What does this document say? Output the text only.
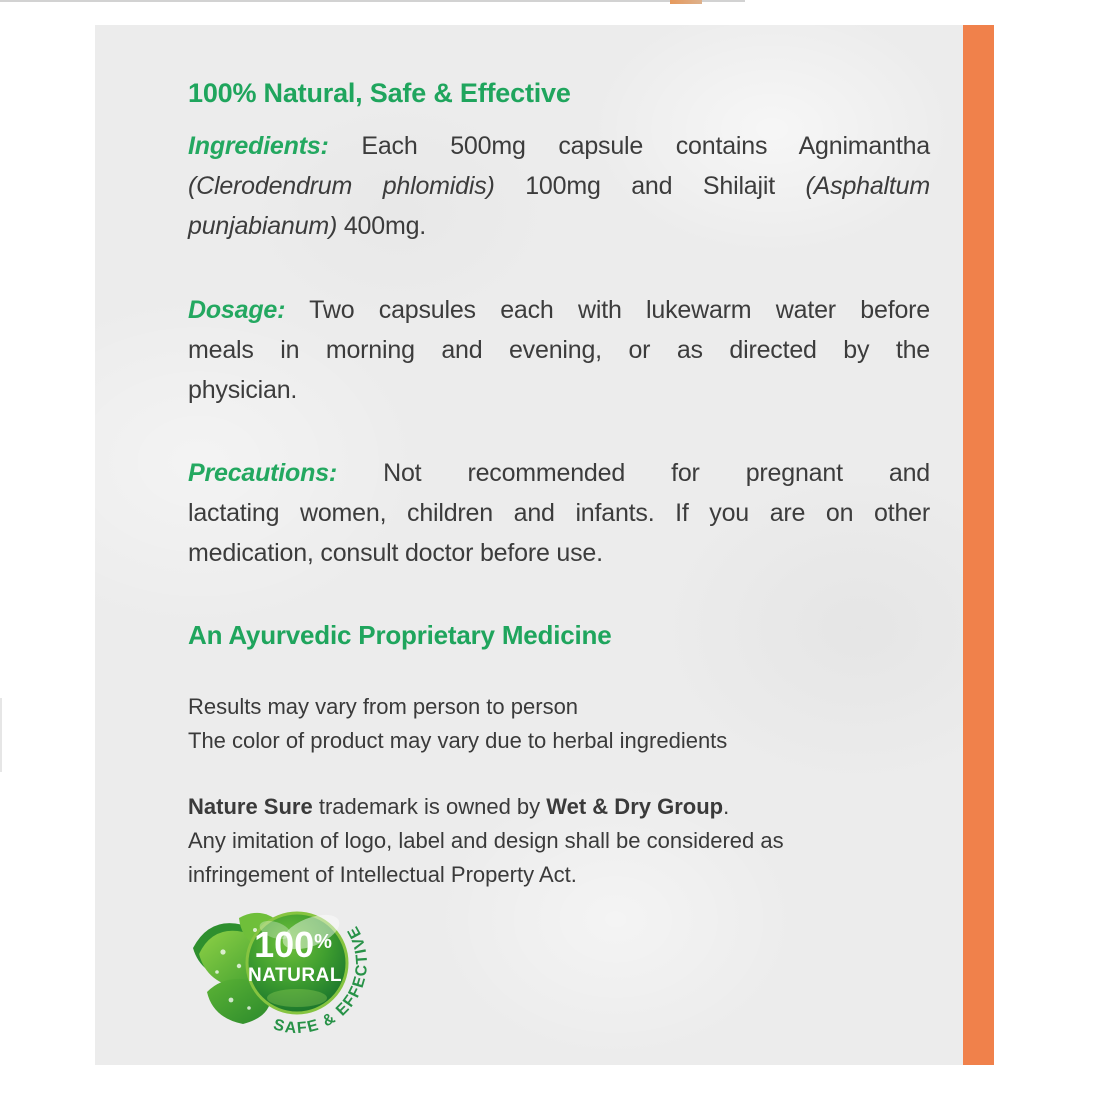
100% Natural, Safe & Effective
Ingredients: Each 500mg capsule contains Agnimantha
(Clerodendrum phlomidis) 100mg and Shilajit (Asphaltum
punjabianum) 400mg.
Dosage: Two capsules each with lukewarm water before
meals in morning and evening, or as directed by the
physician.
Precautions: Not recommended for pregnant and
lactating women, children and infants. If you are on other
medication, consult doctor before use.
An Ayurvedic Proprietary Medicine
Results may vary from person to person
The color of product may vary due to herbal ingredients
Nature Sure trademark is owned by Wet & Dry Group.
Any imitation of logo, label and design shall be considered as
infringement of Intellectual Property Act.
100%
NATURAL
SAFE & EFFECTIVE
